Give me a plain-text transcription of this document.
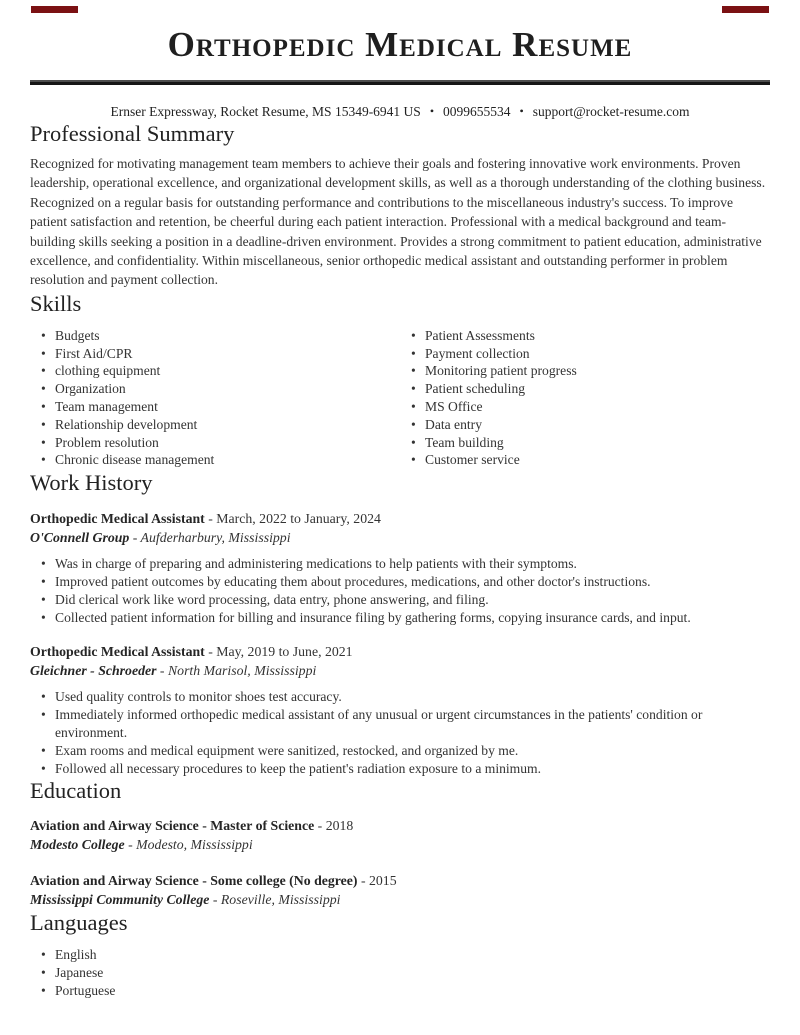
Orthopedic Medical Resume
Ernser Expressway, Rocket Resume, MS 15349-6941 US • 0099655534 • support@rocket-resume.com
Professional Summary

Recognized for motivating management team members to achieve their goals and fostering innovative work environments. Proven leadership, operational excellence, and organizational development skills, as well as a thorough understanding of the clothing business. Recognized on a regular basis for outstanding performance and contributions to the miscellaneous industry's success. To improve patient satisfaction and retention, be cheerful during each patient interaction. Professional with a medical background and team-building skills seeking a position in a deadline-driven environment. Provides a strong commitment to patient education, administrative excellence, and confidentiality. Within miscellaneous, senior orthopedic medical assistant and outstanding performer in problem resolution and payment collection.

Skills
• Budgets
• First Aid/CPR
• clothing equipment
• Organization
• Team management
• Relationship development
• Problem resolution
• Chronic disease management
• Patient Assessments
• Payment collection
• Monitoring patient progress
• Patient scheduling
• MS Office
• Data entry
• Team building
• Customer service
Work History
Orthopedic Medical Assistant - March, 2022 to January, 2024
O'Connell Group - Aufderharbury, Mississippi
• Was in charge of preparing and administering medications to help patients with their symptoms.
• Improved patient outcomes by educating them about procedures, medications, and other doctor's instructions.
• Did clerical work like word processing, data entry, phone answering, and filing.
• Collected patient information for billing and insurance filing by gathering forms, copying insurance cards, and input.
Orthopedic Medical Assistant - May, 2019 to June, 2021
Gleichner - Schroeder - North Marisol, Mississippi
• Used quality controls to monitor shoes test accuracy.
• Immediately informed orthopedic medical assistant of any unusual or urgent circumstances in the patients' condition or environment.
• Exam rooms and medical equipment were sanitized, restocked, and organized by me.
• Followed all necessary procedures to keep the patient's radiation exposure to a minimum.
Education
Aviation and Airway Science - Master of Science - 2018
Modesto College - Modesto, Mississippi
Aviation and Airway Science - Some college (No degree) - 2015
Mississippi Community College - Roseville, Mississippi
Languages
• English
• Japanese
• Portuguese
